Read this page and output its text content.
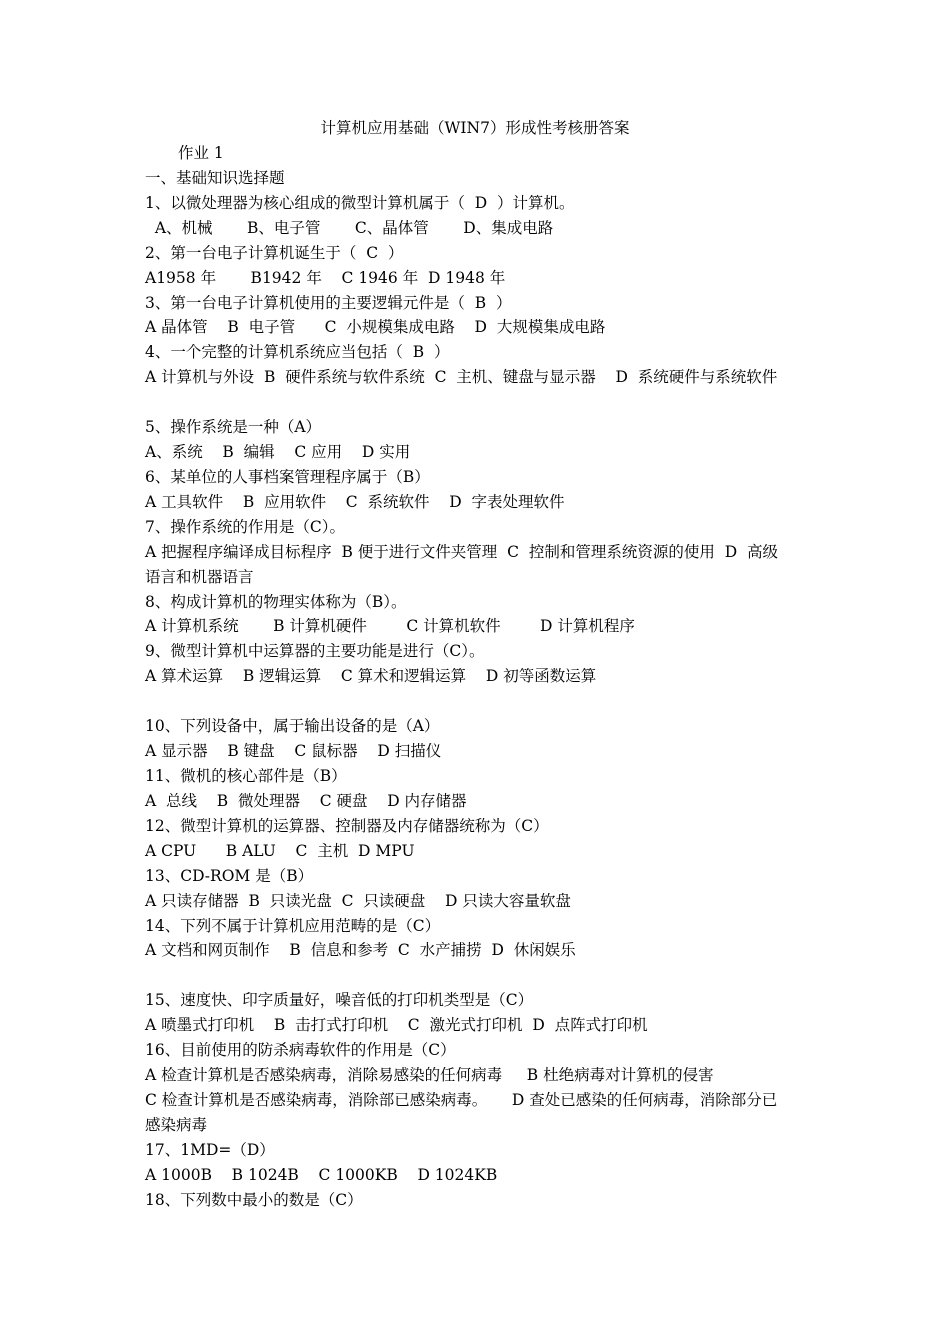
计算机应用基础（WIN7）形成性考核册答案

作业 1
一、基础知识选择题
1、以微处理器为核心组成的微型计算机属于（  D  ）计算机。
A、机械       B、电子管       C、晶体管       D、集成电路
2、第一台电子计算机诞生于（  C  ）
A1958 年       B1942 年    C 1946 年  D 1948 年
3、第一台电子计算机使用的主要逻辑元件是（  B  ）
A 晶体管    B  电子管      C  小规模集成电路    D  大规模集成电路
4、一个完整的计算机系统应当包括（  B  ）
A 计算机与外设  B  硬件系统与软件系统  C  主机、键盘与显示器    D  系统硬件与系统软件
5、操作系统是一种（A）
A、系统    B  编辑    C 应用    D 实用
6、某单位的人事档案管理程序属于（B）
A 工具软件    B  应用软件    C  系统软件    D  字表处理软件
7、操作系统的作用是（C）。
A 把握程序编译成目标程序  B 便于进行文件夹管理  C  控制和管理系统资源的使用  D  高级
语言和机器语言
8、构成计算机的物理实体称为（B）。
A 计算机系统       B 计算机硬件        C 计算机软件        D 计算机程序
9、微型计算机中运算器的主要功能是进行（C）。
A 算术运算    B 逻辑运算    C 算术和逻辑运算    D 初等函数运算
10、下列设备中，属于输出设备的是（A）
A 显示器    B 键盘    C 鼠标器    D 扫描仪
11、微机的核心部件是（B）
A  总线    B  微处理器    C 硬盘    D 内存储器
12、微型计算机的运算器、控制器及内存储器统称为（C）
A CPU      B ALU    C  主机  D MPU
13、CD-ROM 是（B）
A 只读存储器  B  只读光盘  C  只读硬盘    D 只读大容量软盘
14、下列不属于计算机应用范畴的是（C）
A 文档和网页制作    B  信息和参考  C  水产捕捞  D  休闲娱乐
15、速度快、印字质量好，噪音低的打印机类型是（C）
A 喷墨式打印机    B  击打式打印机    C  激光式打印机  D  点阵式打印机
16、目前使用的防杀病毒软件的作用是（C）
A 检查计算机是否感染病毒，消除易感染的任何病毒     B 杜绝病毒对计算机的侵害
C 检查计算机是否感染病毒，消除部已感染病毒。     D 查处已感染的任何病毒，消除部分已
感染病毒
17、1MD=（D）
A 1000B    B 1024B    C 1000KB    D 1024KB
18、下列数中最小的数是（C）
